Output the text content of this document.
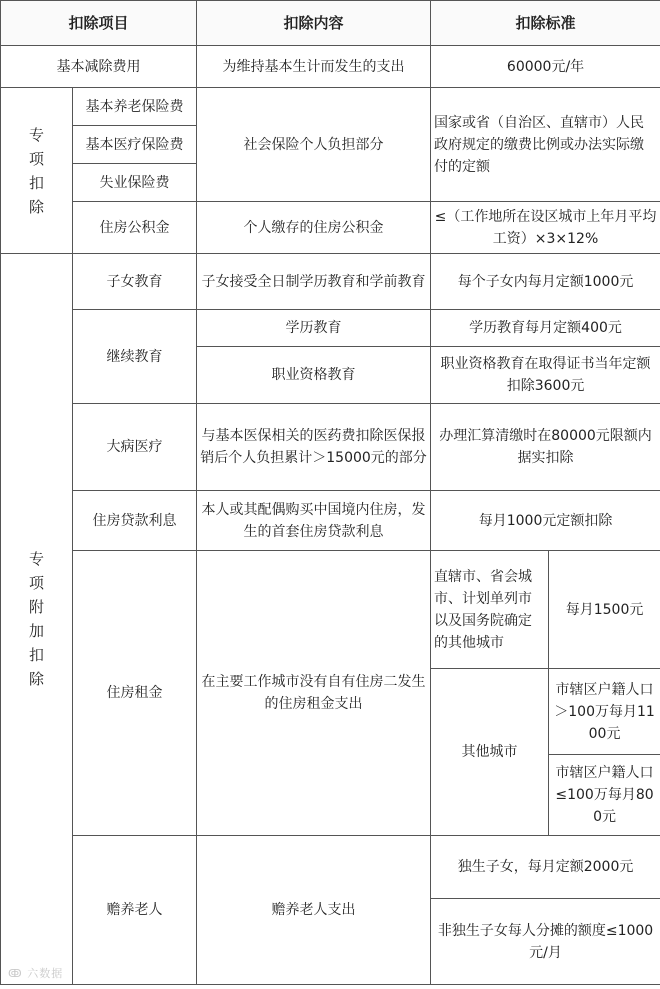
扣除项目		扣除内容	扣除标准	
基本减除费用		为维持基本生计而发生的支出	60000元/年	

专项扣除	基本养老保险费	社会保险个人负担部分	国家或省（自治区、直辖市）人民政府规定的缴费比例或办法实际缴付的定额	
	基本医疗保险费			
	失业保险费			
	住房公积金	个人缴存的住房公积金	≤（工作地所在设区城市上年月平均工资）×3×12%	

专项附加扣除	子女教育	子女接受全日制学历教育和学前教育	每个子女内每月定额1000元	
	继续教育	学历教育	学历教育每月定额400元	
		职业资格教育	职业资格教育在取得证书当年定额扣除3600元	
	大病医疗	与基本医保相关的医药费扣除医保报销后个人负担累计＞15000元的部分	办理汇算清缴时在80000元限额内据实扣除	
	住房贷款利息	本人或其配偶购买中国境内住房，发生的首套住房贷款利息	每月1000元定额扣除	
	住房租金	在主要工作城市没有自有住房二发生的住房租金支出	直辖市、省会城市、计划单列市以及国务院确定的其他城市	每月1500元
			其他城市	市辖区户籍人口＞100万每月1100元
				市辖区户籍人口≤100万每月800元
	赡养老人	赡养老人支出	独生子女，每月定额2000元	
			非独生子女每人分摊的额度≤1000元/月	
ↂ 六数据
